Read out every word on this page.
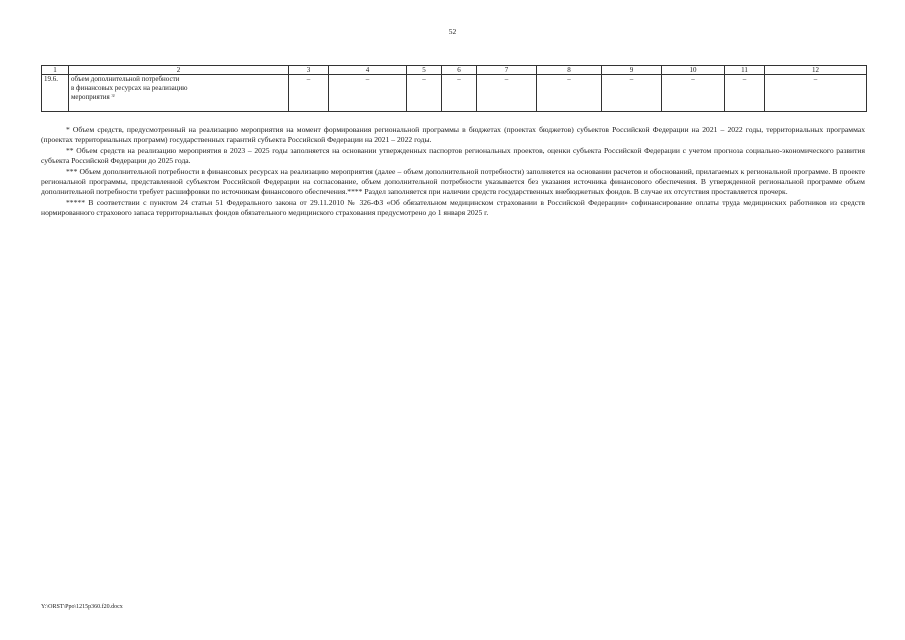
52
1	2	3	4	5	6	7	8	9	10	11	12
19.6.	объем дополнительной потребности
в финансовых ресурсах на реализацию
мероприятия $^{3/}$	–	–	–	–	–	–	–	–	–	–

* Объем средств, предусмотренный на реализацию мероприятия на момент формирования региональной программы в бюджетах (проектах бюджетов) субъектов Российской Федерации на 2021 – 2022 годы, территориальных программах (проектах территориальных программ) государственных гарантий субъекта Российской Федерации на 2021 – 2022 годы.

** Объем средств на реализацию мероприятия в 2023 – 2025 годы заполняется на основании утвержденных паспортов региональных проектов, оценки субъекта Российской Федерации с учетом прогноза социально-экономического развития субъекта Российской Федерации до 2025 года.

*** Объем дополнительной потребности в финансовых ресурсах на реализацию мероприятия (далее – объем дополнительной потребности) заполняется на основании расчетов и обоснований, прилагаемых к региональной программе. В проекте региональной программы, представленной субъектом Российской Федерации на согласование, объем дополнительной потребности указывается без указания источника финансового обеспечения. В утвержденной региональной программе объем дополнительной потребности требует расшифровки по источникам финансового обеспечения.**** Раздел заполняется при наличии средств государственных внебюджетных фондов. В случае их отсутствия проставляется прочерк.

***** В соответствии с пунктом 24 статьи 51 Федерального закона от 29.11.2010 № 326-ФЗ «Об обязательном медицинском страховании в Российской Федерации» софинансирование оплаты труда медицинских работников из средств нормированного страхового запаса территориальных фондов обязательного медицинского страхования предусмотрено до 1 января 2025 г.

Y:\ORST\Ppo\1215p360.f20.docx
